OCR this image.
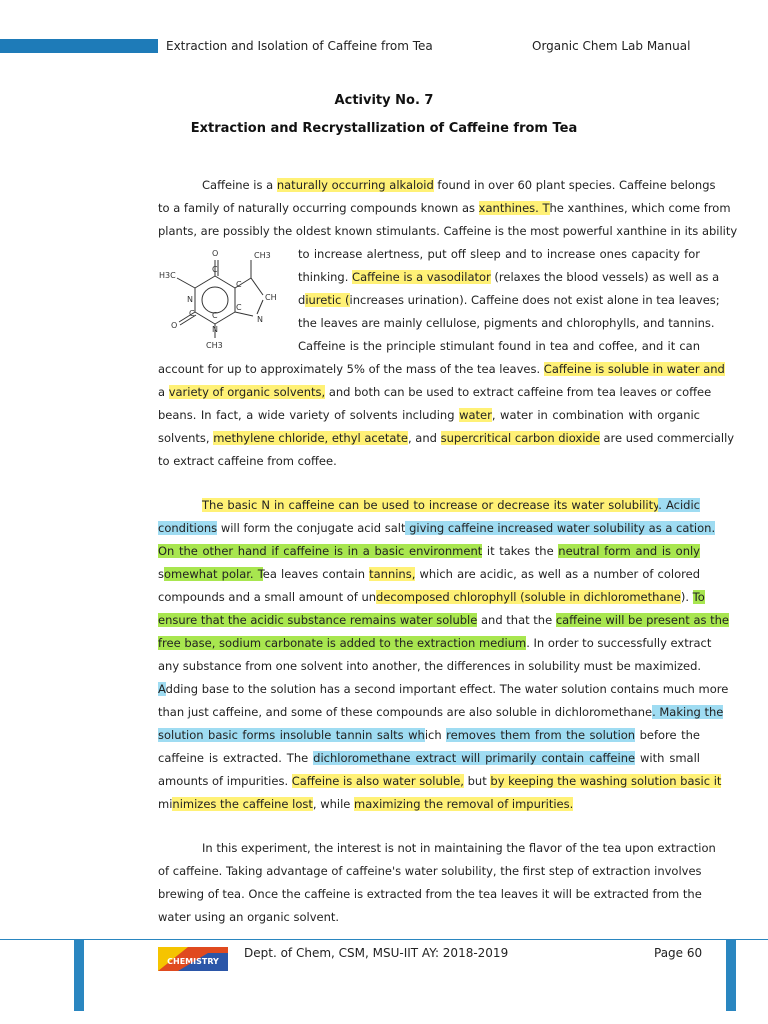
Extraction and Isolation of Caffeine from Tea	Organic Chem Lab Manual
Activity No. 7
Extraction and Recrystallization of Caffeine from Tea
O	CH3
H3C
C
C
N
C
CH
C
C
N
O	N
CH3
Caffeine is a naturally occurring alkaloid found in over 60 plant species. Caffeine belongs
to a family of naturally occurring compounds known as xanthines. The xanthines, which come from
plants, are possibly the oldest known stimulants. Caffeine is the most powerful xanthine in its ability
to increase alertness, put off sleep and to increase ones capacity for
thinking. Caffeine is a vasodilator (relaxes the blood vessels) as well as a
diuretic (increases urination). Caffeine does not exist alone in tea leaves;
the leaves are mainly cellulose, pigments and chlorophylls, and tannins.
Caffeine is the principle stimulant found in tea and coffee, and it can
account for up to approximately 5% of the mass of the tea leaves. Caffeine is soluble in water and
a variety of organic solvents, and both can be used to extract caffeine from tea leaves or coffee
beans. In fact, a wide variety of solvents including water, water in combination with organic
solvents, methylene chloride, ethyl acetate, and supercritical carbon dioxide are used commercially
to extract caffeine from coffee.
The basic N in caffeine can be used to increase or decrease its water solubility. Acidic
conditions will form the conjugate acid salt giving caffeine increased water solubility as a cation.
On the other hand if caffeine is in a basic environment it takes the neutral form and is only
somewhat polar. Tea leaves contain tannins, which are acidic, as well as a number of colored
compounds and a small amount of undecomposed chlorophyll (soluble in dichloromethane). To
ensure that the acidic substance remains water soluble and that the caffeine will be present as the
free base, sodium carbonate is added to the extraction medium. In order to successfully extract
any substance from one solvent into another, the differences in solubility must be maximized.
Adding base to the solution has a second important effect. The water solution contains much more
than just caffeine, and some of these compounds are also soluble in dichloromethane. Making the
solution basic forms insoluble tannin salts which removes them from the solution before the
caffeine is extracted. The dichloromethane extract will primarily contain caffeine with small
amounts of impurities. Caffeine is also water soluble, but by keeping the washing solution basic it
minimizes the caffeine lost, while maximizing the removal of impurities.
In this experiment, the interest is not in maintaining the flavor of the tea upon extraction
of caffeine. Taking advantage of caffeine's water solubility, the first step of extraction involves
brewing of tea. Once the caffeine is extracted from the tea leaves it will be extracted from the
water using an organic solvent.
CHEMISTRY
Dept. of Chem, CSM, MSU-IIT AY: 2018-2019	Page 60
